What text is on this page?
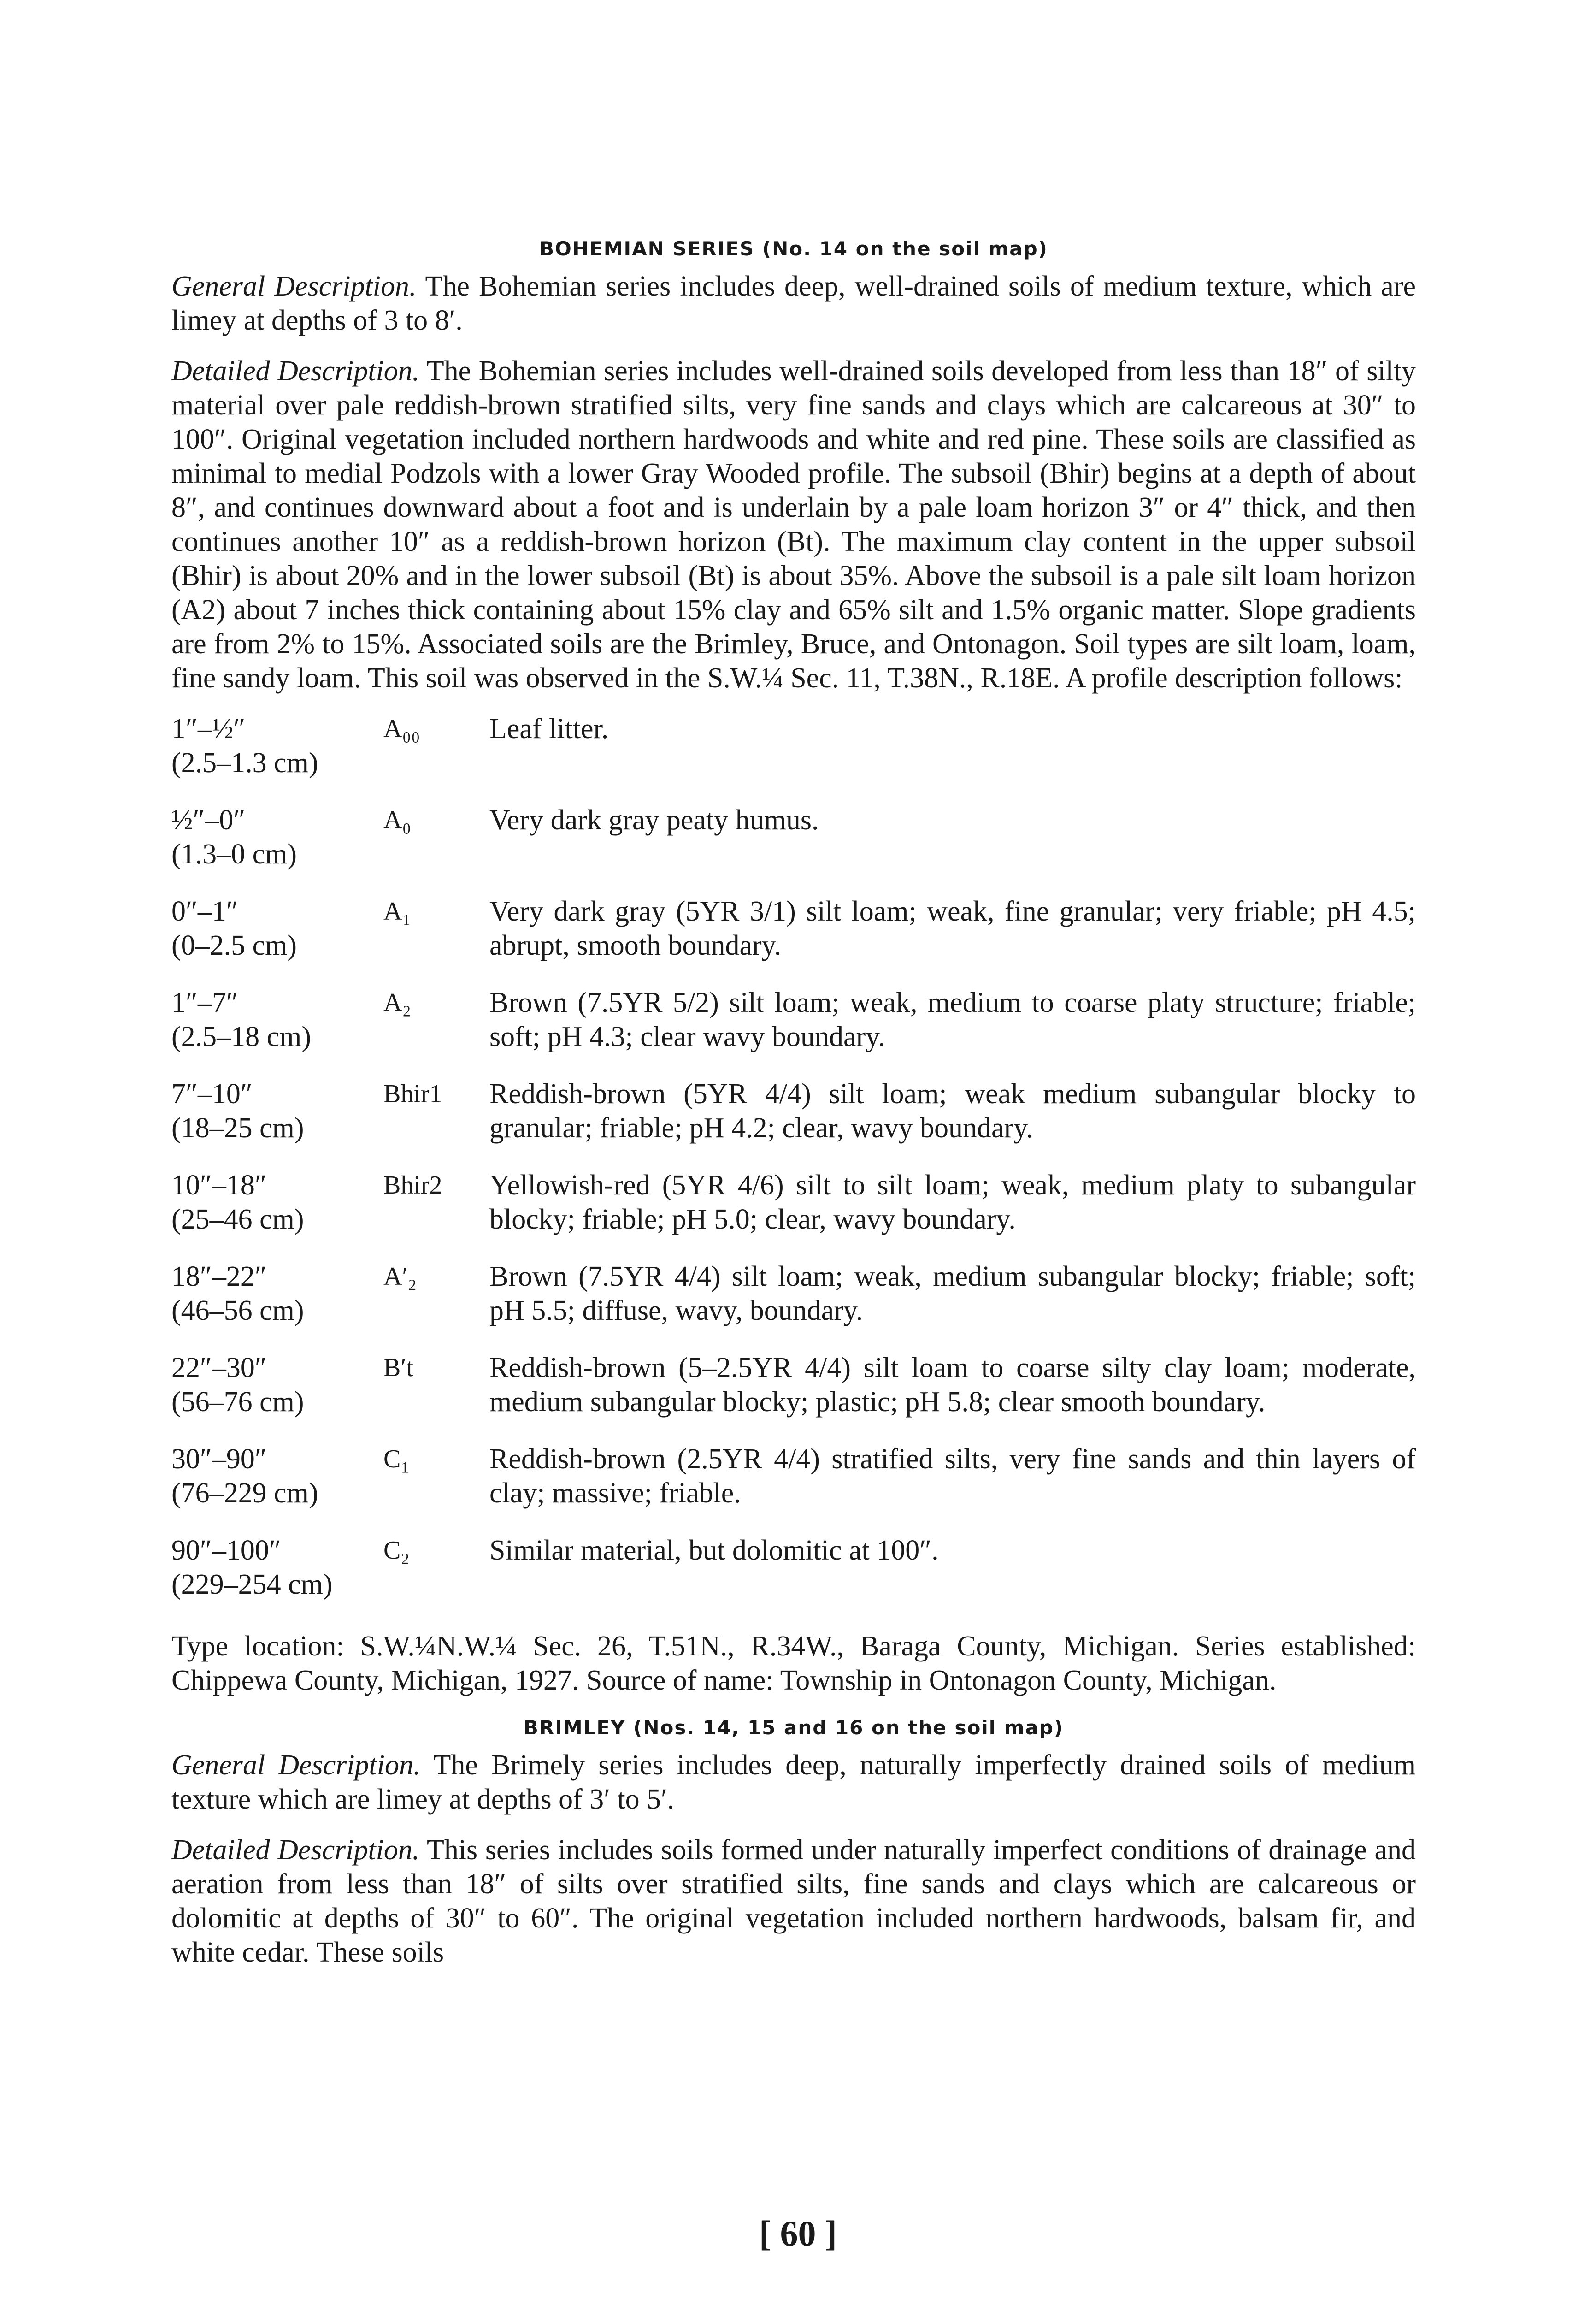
BOHEMIAN SERIES (No. 14 on the soil map)

General Description. The Bohemian series includes deep, well-drained soils of medium texture, which are limey at depths of 3 to 8′.

Detailed Description. The Bohemian series includes well-drained soils developed from less than 18″ of silty material over pale reddish-brown stratified silts, very fine sands and clays which are calcareous at 30″ to 100″. Original vegetation included northern hardwoods and white and red pine. These soils are classified as minimal to medial Podzols with a lower Gray Wooded profile. The subsoil (Bhir) begins at a depth of about 8″, and continues downward about a foot and is underlain by a pale loam horizon 3″ or 4″ thick, and then continues another 10″ as a reddish-brown horizon (Bt). The maximum clay content in the upper subsoil (Bhir) is about 20% and in the lower subsoil (Bt) is about 35%. Above the subsoil is a pale silt loam horizon (A2) about 7 inches thick containing about 15% clay and 65% silt and 1.5% organic matter. Slope gradients are from 2% to 15%. Associated soils are the Brimley, Bruce, and Ontonagon. Soil types are silt loam, loam, fine sandy loam. This soil was observed in the S.W.¼ Sec. 11, T.38N., R.18E. A profile description follows:

1″–½″
(2.5–1.3 cm)
A₀₀	Leaf litter.
½″–0″
(1.3–0 cm)
A₀	Very dark gray peaty humus.
0″–1″
(0–2.5 cm)
A₁	Very dark gray (5YR 3/1) silt loam; weak, fine granular; very friable; pH 4.5; abrupt, smooth boundary.
1″–7″
(2.5–18 cm)
A₂	Brown (7.5YR 5/2) silt loam; weak, medium to coarse platy structure; friable; soft; pH 4.3; clear wavy boundary.
7″–10″
(18–25 cm)
Bhir1	Reddish-brown (5YR 4/4) silt loam; weak medium subangular blocky to granular; friable; pH 4.2; clear, wavy boundary.
10″–18″
(25–46 cm)
Bhir2	Yellowish-red (5YR 4/6) silt to silt loam; weak, medium platy to subangular blocky; friable; pH 5.0; clear, wavy boundary.
18″–22″
(46–56 cm)
A′₂	Brown (7.5YR 4/4) silt loam; weak, medium subangular blocky; friable; soft; pH 5.5; diffuse, wavy, boundary.
22″–30″
(56–76 cm)
B′t	Reddish-brown (5–2.5YR 4/4) silt loam to coarse silty clay loam; moderate, medium subangular blocky; plastic; pH 5.8; clear smooth boundary.
30″–90″
(76–229 cm)
C₁	Reddish-brown (2.5YR 4/4) stratified silts, very fine sands and thin layers of clay; massive; friable.
90″–100″
(229–254 cm)
C₂	Similar material, but dolomitic at 100″.

Type location: S.W.¼N.W.¼ Sec. 26, T.51N., R.34W., Baraga County, Michigan. Series established: Chippewa County, Michigan, 1927. Source of name: Township in Ontonagon County, Michigan.

BRIMLEY (Nos. 14, 15 and 16 on the soil map)

General Description. The Brimely series includes deep, naturally imperfectly drained soils of medium texture which are limey at depths of 3′ to 5′.

Detailed Description. This series includes soils formed under naturally imperfect conditions of drainage and aeration from less than 18″ of silts over stratified silts, fine sands and clays which are calcareous or dolomitic at depths of 30″ to 60″. The original vegetation included northern hardwoods, balsam fir, and white cedar. These soils

[ 60 ]
